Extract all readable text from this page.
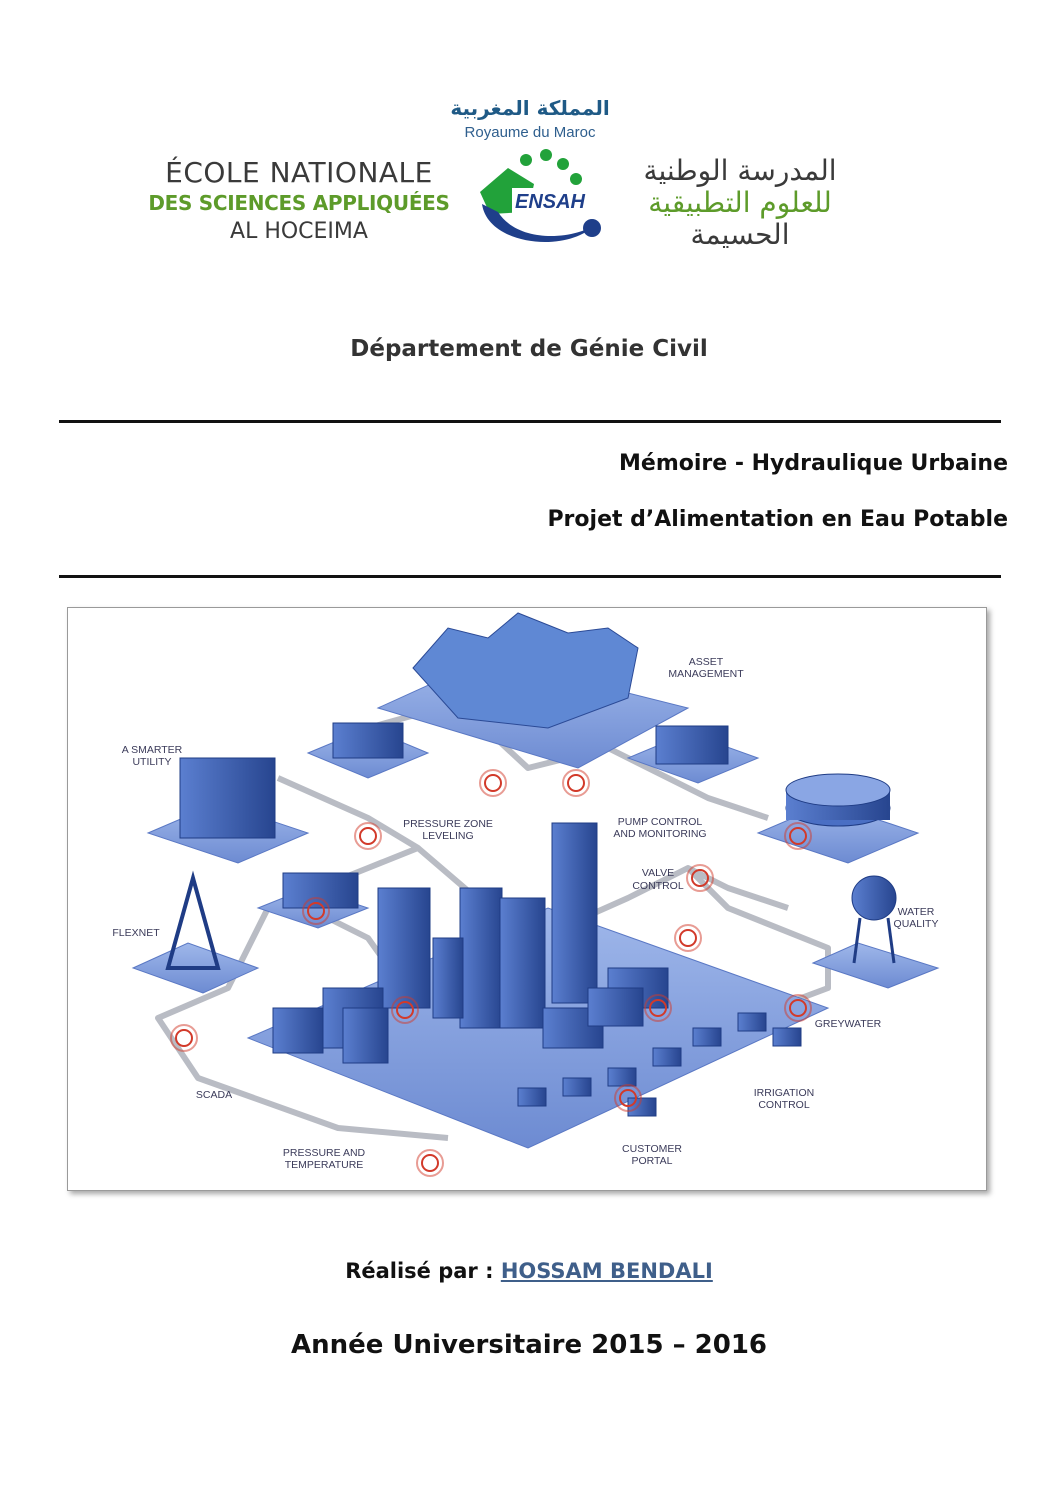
المملكة المغربية
Royaume du Maroc
ÉCOLE NATIONALE
DES SCIENCES APPLIQUÉES
AL HOCEIMA
ENSAH
المدرسة الوطنية
للعلوم التطبيقية
الحسيمة
Département de Génie Civil
Mémoire - Hydraulique Urbaine
Projet d’Alimentation en Eau Potable
ASSET
MANAGEMENT
A SMARTER
UTILITY
PRESSURE ZONE
LEVELING
PUMP CONTROL
AND MONITORING
VALVE
CONTROL
WATER
QUALITY
FLEXNET
GREYWATER
SCADA	IRRIGATION
CONTROL
PRESSURE AND
TEMPERATURE
CUSTOMER
PORTAL
Réalisé par : HOSSAM BENDALI
Année Universitaire 2015 – 2016
